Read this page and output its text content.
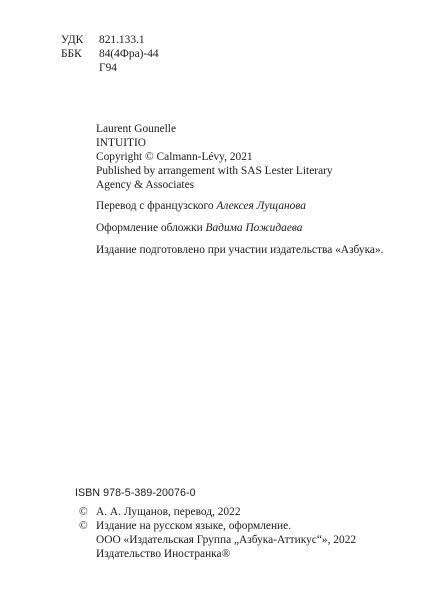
УДК 821.133.1
ББК 84(4Фра)-44
Г94
Laurent Gounelle
INTUITIO
Copyright © Calmann-Lévy, 2021
Published by arrangement with SAS Lester Literary
Agency & Associates
Перевод с французского Алексея Лущанова
Оформление обложки Вадима Пожидаева
Издание подготовлено при участии издательства «Азбука».
ISBN 978-5-389-20076-0
© А. А. Лущанов, перевод, 2022
© Издание на русском языке, оформление.
ООО «Издательская Группа „Азбука-Аттикус“», 2022
Издательство Иностранка®
